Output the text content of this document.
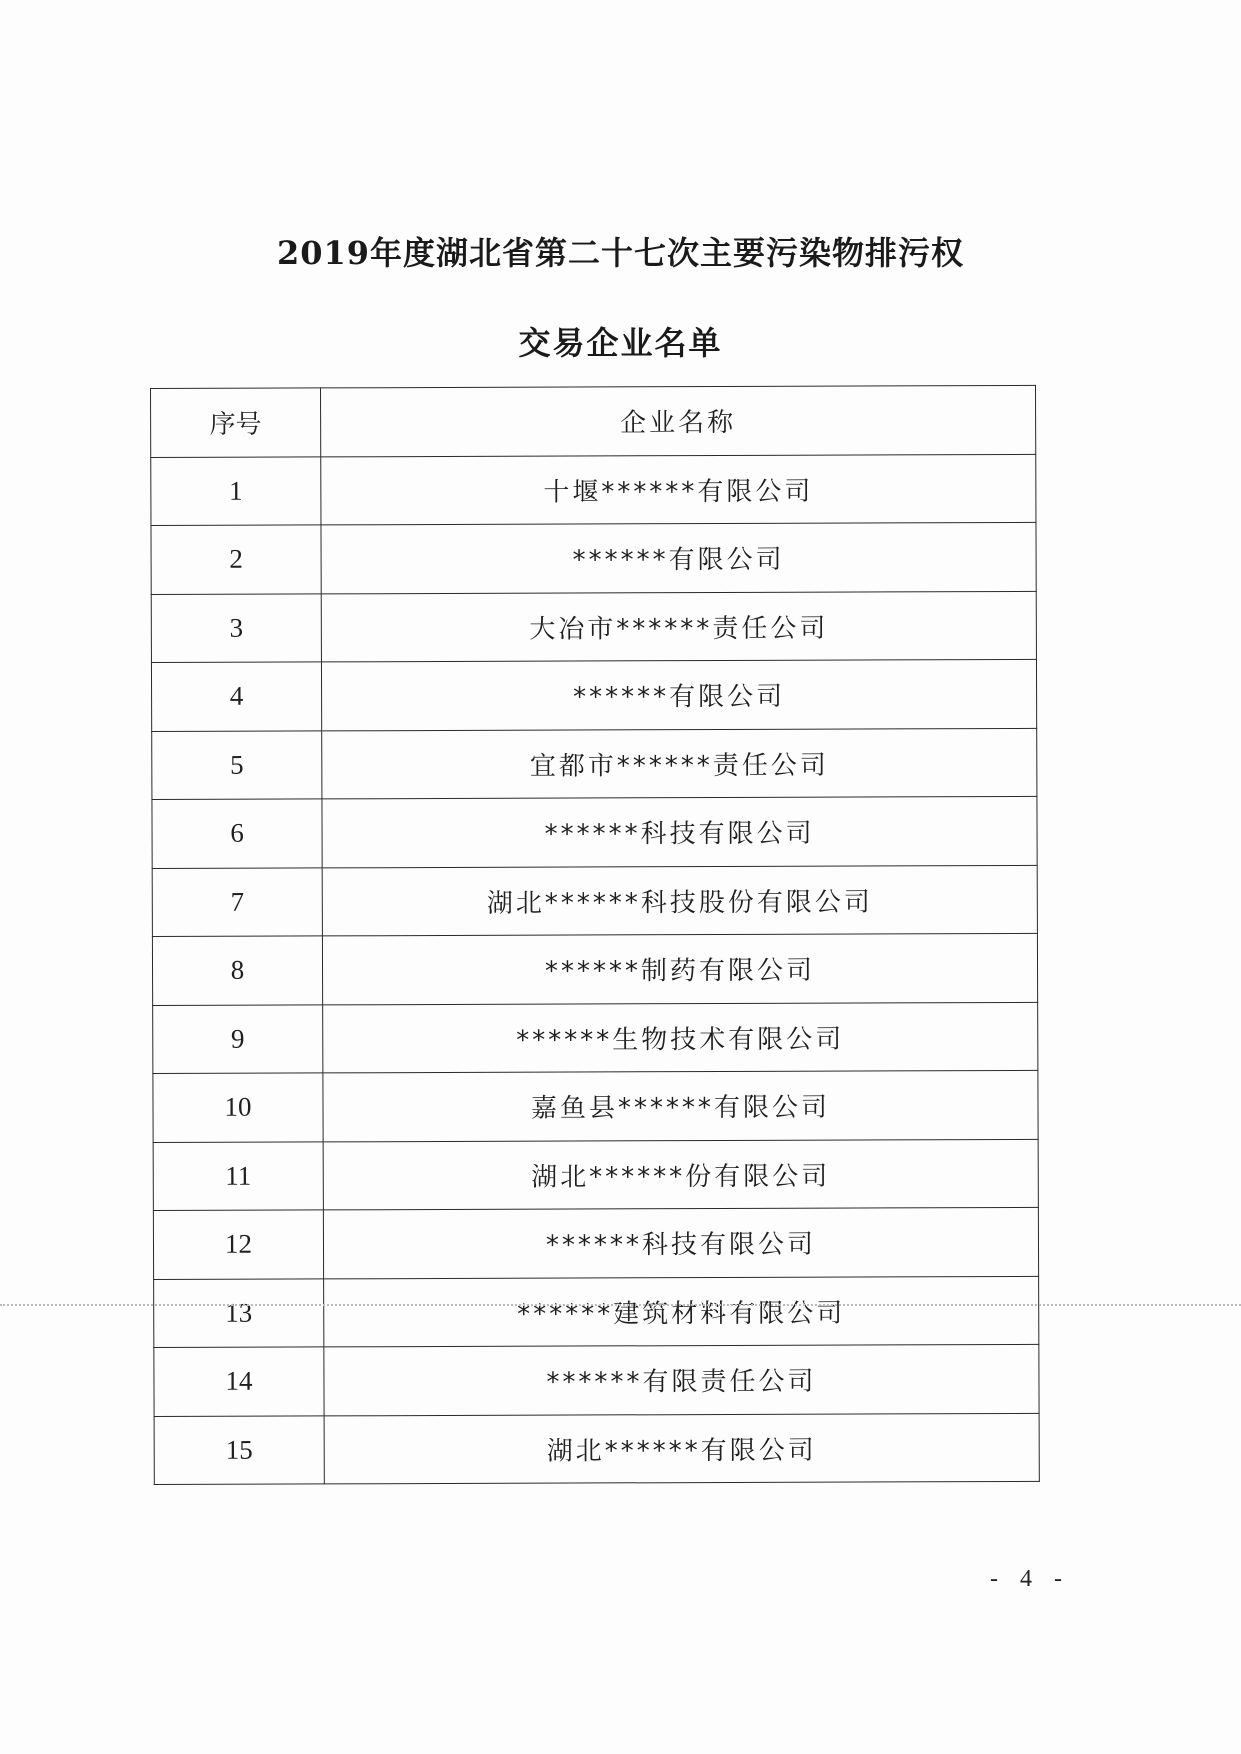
2019年度湖北省第二十七次主要污染物排污权
交易企业名单
序号	企业名称
1	十堰******有限公司
2	******有限公司
3	大冶市******责任公司
4	******有限公司
5	宜都市******责任公司
6	******科技有限公司
7	湖北******科技股份有限公司
8	******制药有限公司
9	******生物技术有限公司
10	嘉鱼县******有限公司
11	湖北******份有限公司
12	******科技有限公司
13	******建筑材料有限公司
14	******有限责任公司
15	湖北******有限公司
- 4 -
